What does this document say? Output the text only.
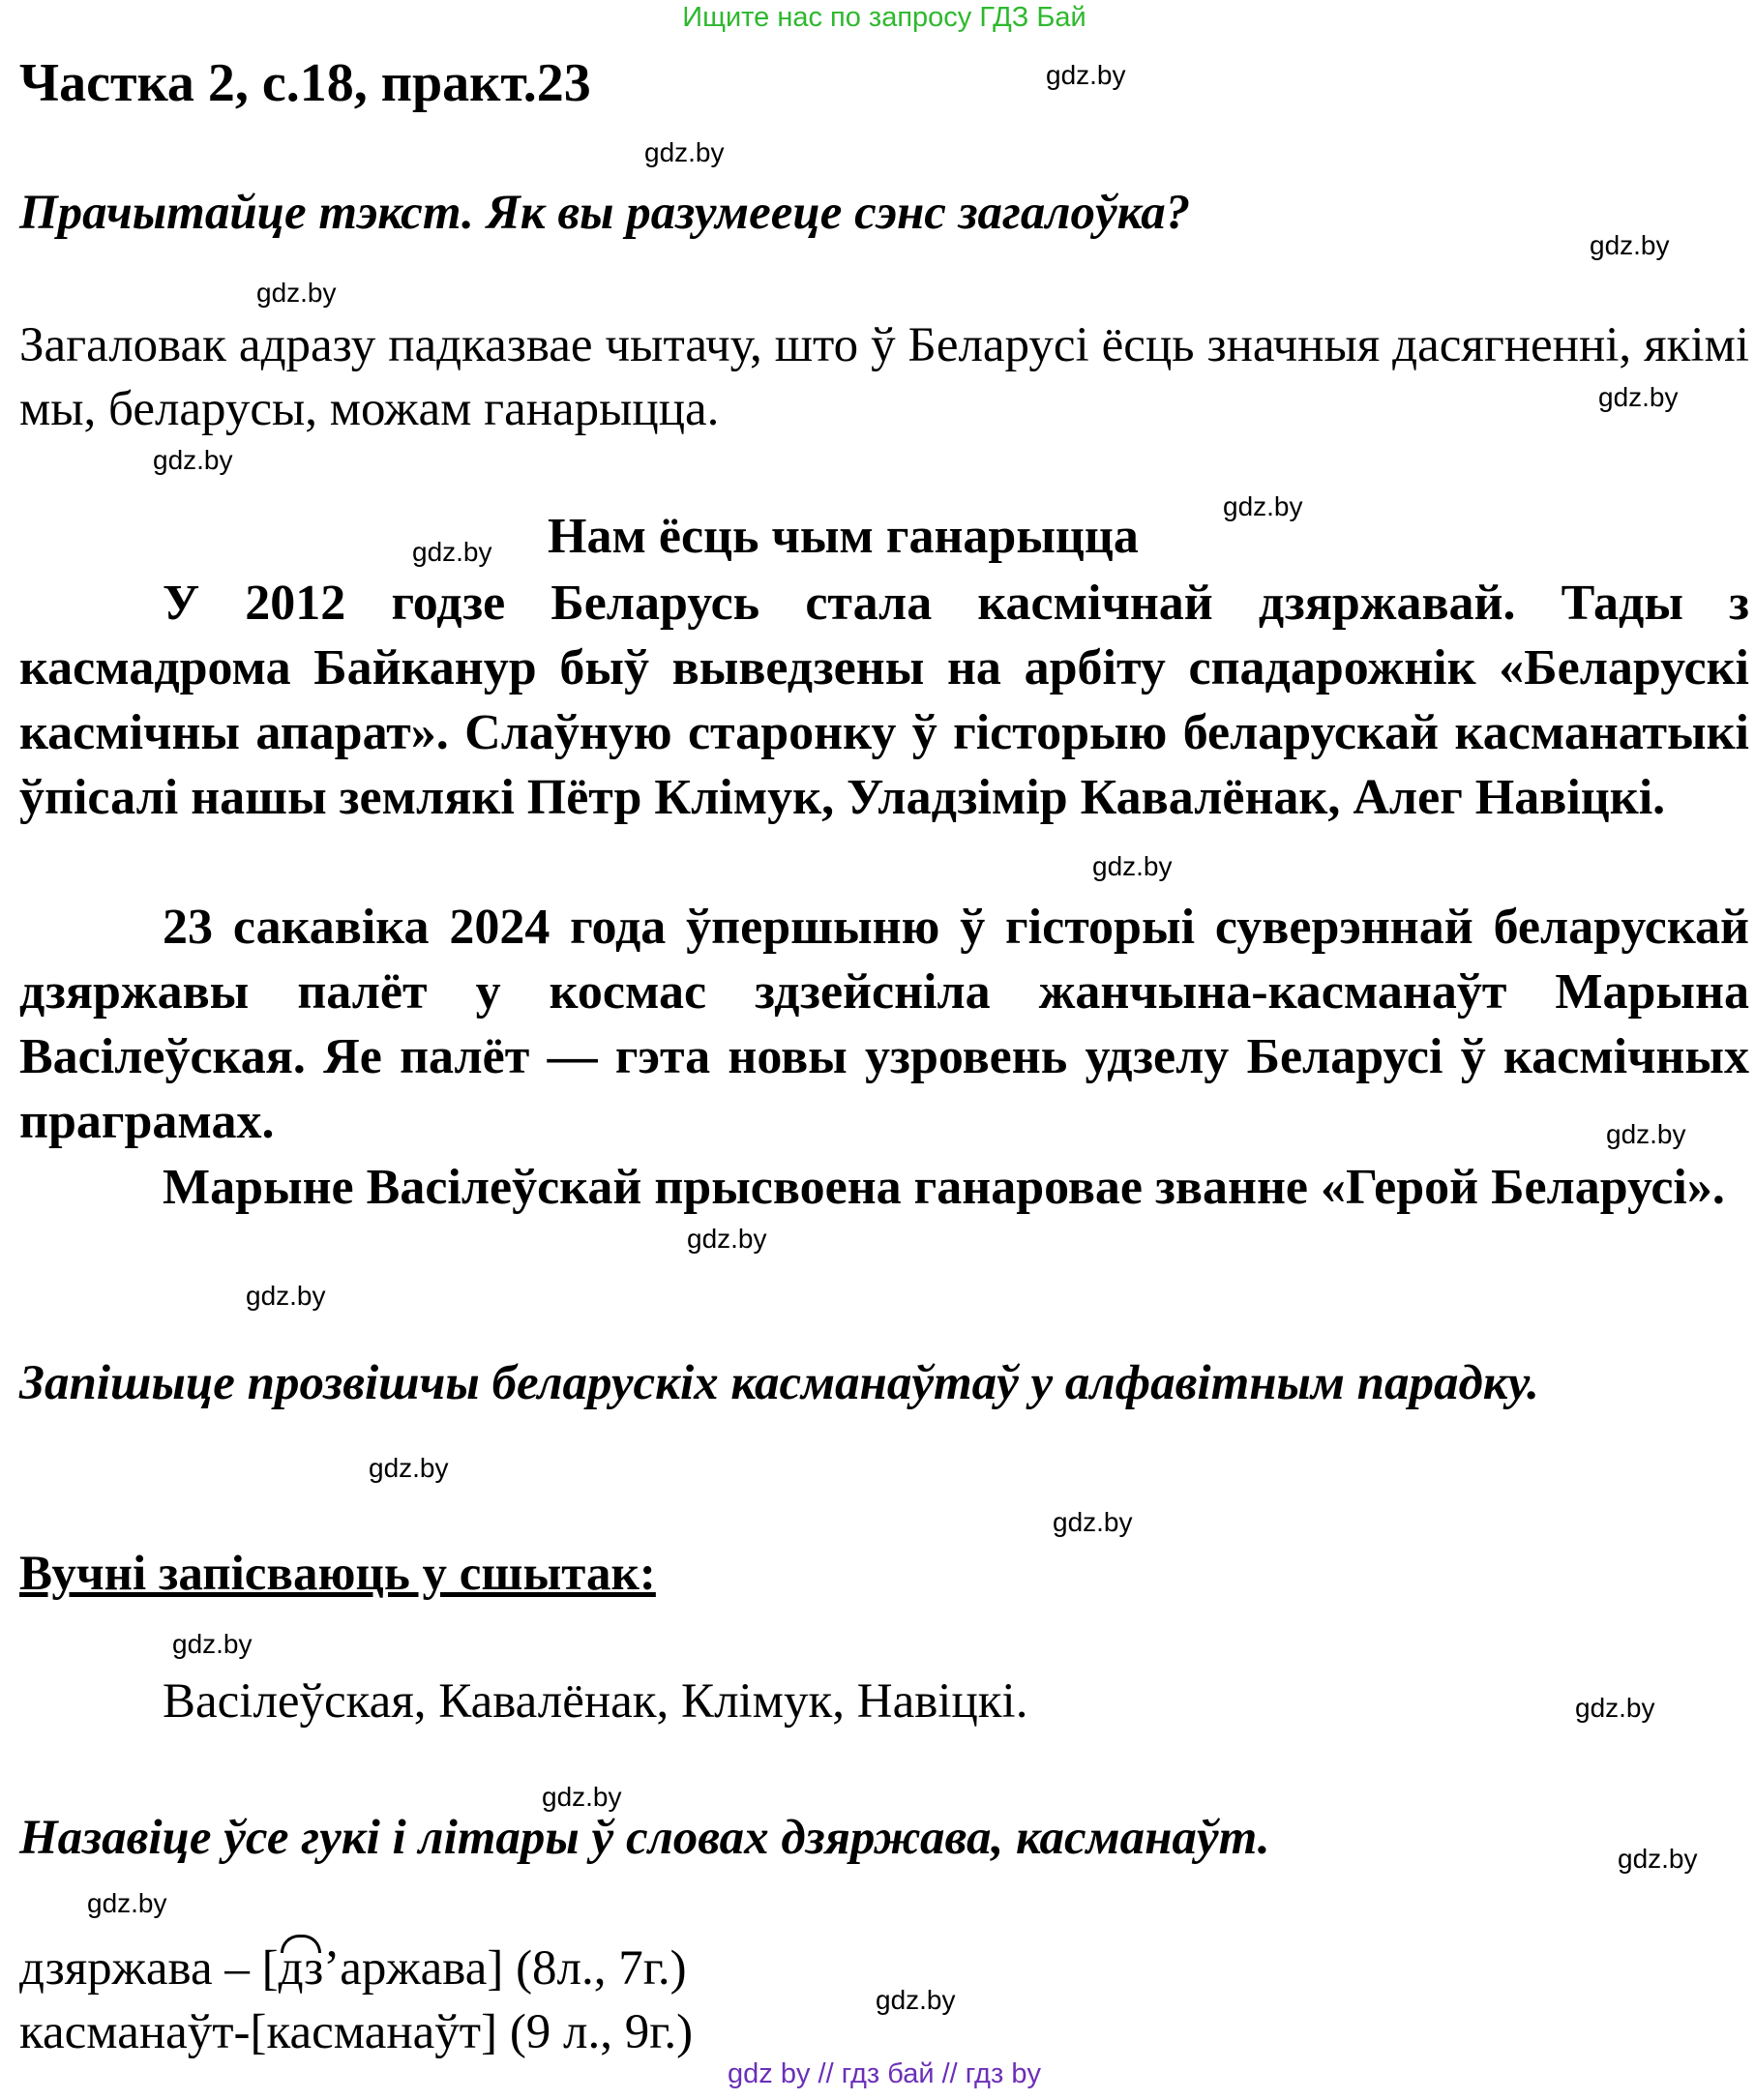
Ищите нас по запросу ГДЗ Бай
Частка 2, с.18, практ.23
Прачытайце тэкст. Як вы разумееце сэнс загалоўка?
Загаловак адразу падказвае чытачу, што ў Беларусі ёсць значныя дасягненні, якімі мы, беларусы, можам ганарыцца.
Нам ёсць чым ганарыцца
У 2012 годзе Беларусь стала касмічнай дзяржавай. Тады з касмадрома Байканур быў выведзены на арбіту спадарожнік «Беларускі касмічны апарат». Слаўную старонку ў гісторыю беларускай касманатыкі ўпісалі нашы землякі Пётр Клімук, Уладзімір Кавалёнак, Алег Навіцкі.
23 сакавіка 2024 года ўпершыню ў гісторыі суверэннай беларускай дзяржавы палёт у космас здзейсніла жанчына-касманаўт Марына Васілеўская. Яе палёт — гэта новы узровень удзелу Беларусі ў касмічных праграмах.
Марыне Васілеўскай прысвоена ганаровае званне «Герой Беларусі».
Запішыце прозвішчы беларускіх касманаўтаў у алфавітным парадку.
Вучні запісваюць у сшытак:
Васілеўская, Кавалёнак, Клімук, Навіцкі.
Назавіце ўсе гукі і літары ў словах дзяржава, касманаўт.
дзяржава – [дз’аржава] (8л., 7г.)
касманаўт-[касманаўт] (9 л., 9г.)
gdz.by
gdz.by
gdz.by
gdz.by
gdz.by
gdz.by
gdz.by
gdz.by
gdz.by
gdz.by
gdz.by
gdz.by
gdz.by
gdz.by
gdz.by
gdz.by
gdz.by
gdz.by
gdz.by
gdz.by
gdz by // гдз бай // гдз by
